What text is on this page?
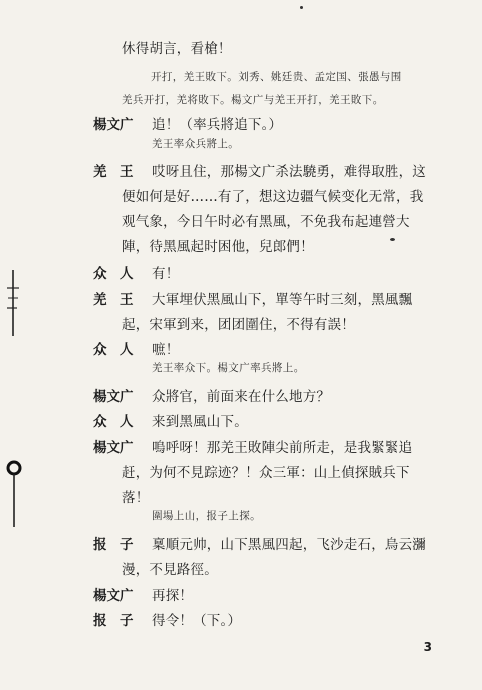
休得胡言，看槍！
开打，羌王敗下。刘秀、姚廷贵、孟定国、張愚与围
羌兵开打，羌将敗下。楊文广与羌王开打，羌王敗下。
楊文广 追！（率兵將追下。）
羌王率众兵將上。
羌　王 哎呀且住，那楊文广杀法驍勇，难得取胜，这
便如何是好……有了，想这边疆气候变化无常，我
观气象，今日午时必有黑風，不免我布起連營大
陣，待黑風起时困他，兒郎們！
众　人 有！
羌　王 大軍埋伏黑風山下，單等午时三刻，黑風飄
起，宋軍到来，团团圍住，不得有誤！
众　人 嗻！
羌王率众下。楊文广率兵將上。
楊文广 众將官，前面来在什么地方？
众　人 来到黑風山下。
楊文广 嗚呼呀！那羌王敗陣尖前所走，是我緊緊追
赶，为何不見踪迹？！众三軍：山上偵探賊兵下
落！
圍場上山，报子上探。
报　子 稟順元帅，山下黑風四起，飞沙走石，烏云瀰
漫，不見路徑。
楊文广 再探！
报　子 得令！（下。）
3
